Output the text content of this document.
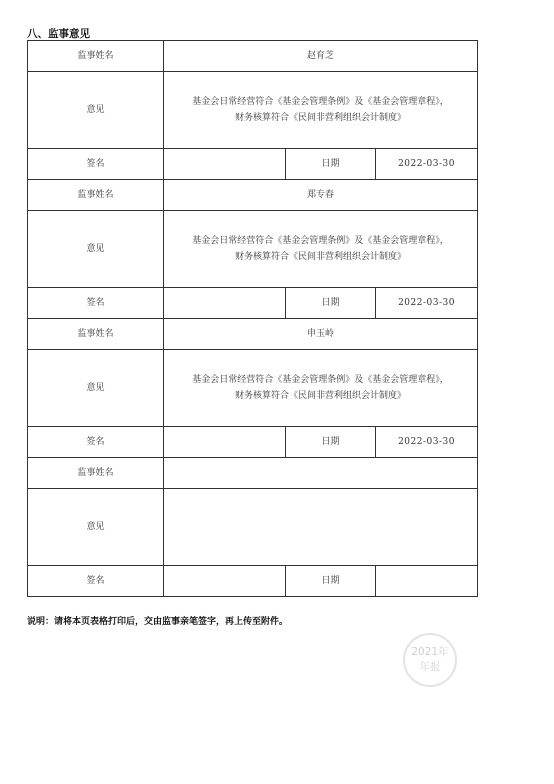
八、监事意见
监事姓名	赵育芝		
意见	基金会日常经营符合《基金会管理条例》及《基金会管理章程》，
财务核算符合《民间非营利组织会计制度》		

签名		日期	2022-03-30
监事姓名	郑专春		
意见	基金会日常经营符合《基金会管理条例》及《基金会管理章程》，
财务核算符合《民间非营利组织会计制度》		

签名		日期	2022-03-30
监事姓名	申玉岭		
意见	基金会日常经营符合《基金会管理条例》及《基金会管理章程》，
财务核算符合《民间非营利组织会计制度》		

签名		日期	2022-03-30
监事姓名			
意见			

签名		日期	
说明：请将本页表格打印后，交由监事亲笔签字，再上传至附件。
2021年
年报
